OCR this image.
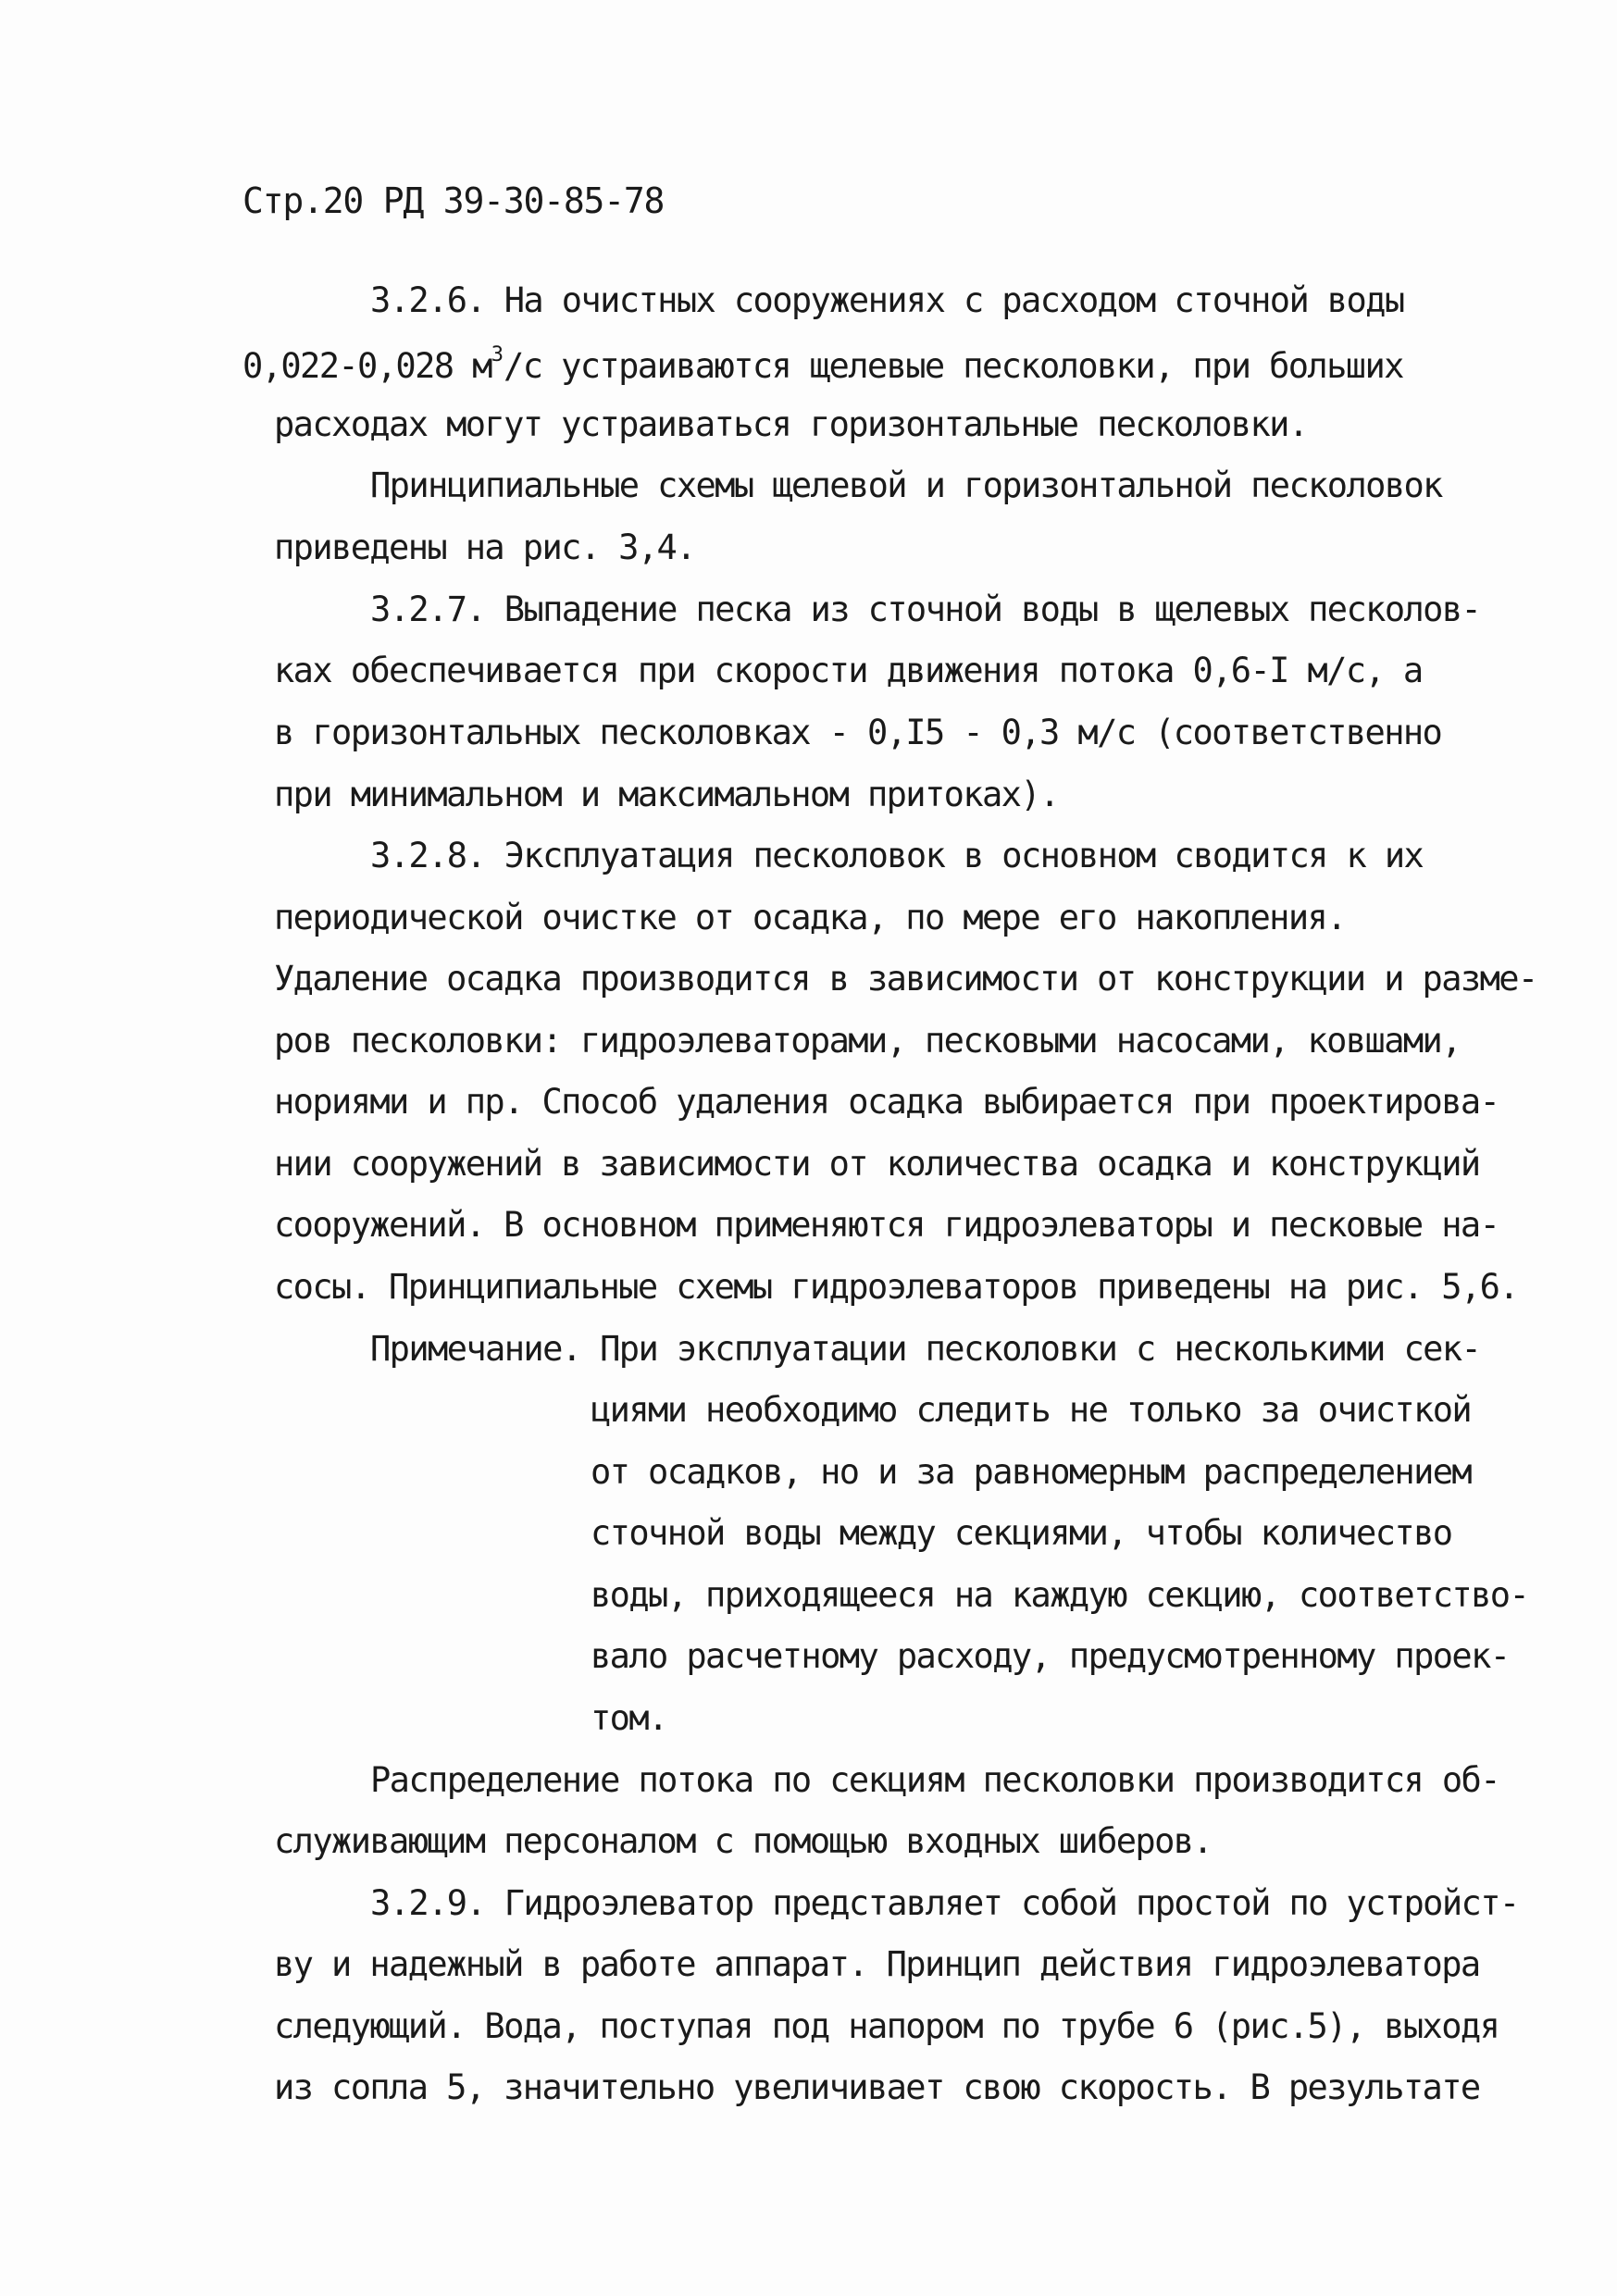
Стр.20 РД 39-30-85-78
3.2.6. На очистных сооружениях с расходом сточной воды
0,022-0,028 $м^3/с$ устраиваются щелевые песколовки, при больших
расходах могут устраиваться горизонтальные песколовки.
Принципиальные схемы щелевой и горизонтальной песколовок
приведены на рис. 3,4.
3.2.7. Выпадение песка из сточной воды в щелевых песколов-
ках обеспечивается при скорости движения потока 0,6-I м/с, а
в горизонтальных песколовках - 0,I5 - 0,3 м/с (соответственно
при минимальном и максимальном притоках).
3.2.8. Эксплуатация песколовок в основном сводится к их
периодической очистке от осадка, по мере его накопления.
Удаление осадка производится в зависимости от конструкции и разме-
ров песколовки: гидроэлеваторами, песковыми насосами, ковшами,
нориями и пр. Способ удаления осадка выбирается при проектирова-
нии сооружений в зависимости от количества осадка и конструкций
сооружений. В основном применяются гидроэлеваторы и песковые на-
сосы. Принципиальные схемы гидроэлеваторов приведены на рис. 5,6.
Примечание. При эксплуатации песколовки с несколькими сек-
циями необходимо следить не только за очисткой
от осадков, но и за равномерным распределением
сточной воды между секциями, чтобы количество
воды, приходящееся на каждую секцию, соответство-
вало расчетному расходу, предусмотренному проек-
том.
Распределение потока по секциям песколовки производится об-
служивающим персоналом с помощью входных шиберов.
3.2.9. Гидроэлеватор представляет собой простой по устройст-
ву и надежный в работе аппарат. Принцип действия гидроэлеватора
следующий. Вода, поступая под напором по трубе 6 (рис.5), выходя
из сопла 5, значительно увеличивает свою скорость. В результате
